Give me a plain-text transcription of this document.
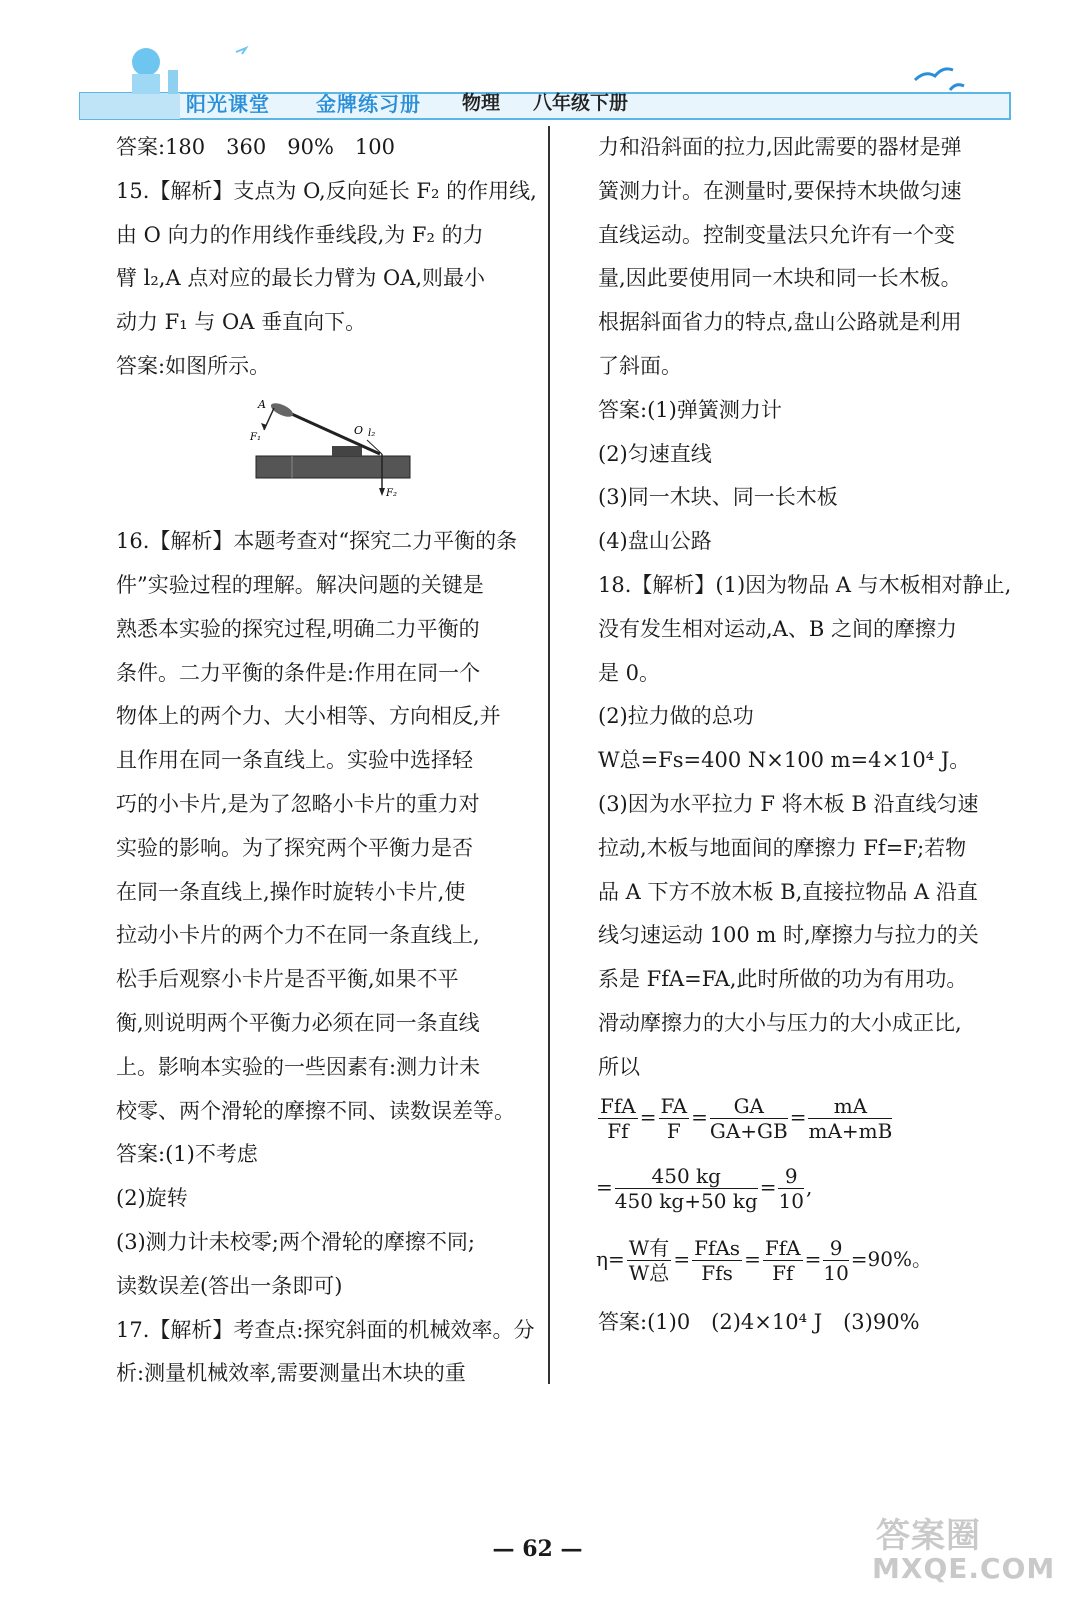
阳光课堂 金牌练习册 物理 八年级下册
答案:180　360　90%　100
15.【解析】支点为 O,反向延长 F₂ 的作用线,
由 O 向力的作用线作垂线段,为 F₂ 的力
臂 l₂,A 点对应的最长力臂为 OA,则最小
动力 F₁ 与 OA 垂直向下。
答案:如图所示。
16.【解析】本题考查对“探究二力平衡的条
件”实验过程的理解。解决问题的关键是
熟悉本实验的探究过程,明确二力平衡的
条件。二力平衡的条件是:作用在同一个
物体上的两个力、大小相等、方向相反,并
且作用在同一条直线上。实验中选择轻
巧的小卡片,是为了忽略小卡片的重力对
实验的影响。为了探究两个平衡力是否
在同一条直线上,操作时旋转小卡片,使
拉动小卡片的两个力不在同一条直线上,
松手后观察小卡片是否平衡,如果不平
衡,则说明两个平衡力必须在同一条直线
上。影响本实验的一些因素有:测力计未
校零、两个滑轮的摩擦不同、读数误差等。
答案:(1)不考虑
(2)旋转
(3)测力计未校零;两个滑轮的摩擦不同;
读数误差(答出一条即可)
17.【解析】考查点:探究斜面的机械效率。分
析:测量机械效率,需要测量出木块的重
A
F₁
O l₂
F₂
力和沿斜面的拉力,因此需要的器材是弹
簧测力计。在测量时,要保持木块做匀速
直线运动。控制变量法只允许有一个变
量,因此要使用同一木块和同一长木板。
根据斜面省力的特点,盘山公路就是利用
了斜面。
答案:(1)弹簧测力计
(2)匀速直线
(3)同一木块、同一长木板
(4)盘山公路
18.【解析】(1)因为物品 A 与木板相对静止,
没有发生相对运动,A、B 之间的摩擦力
是 0。
(2)拉力做的总功
W总=Fs=400 N×100 m=4×10⁴ J。
(3)因为水平拉力 F 将木板 B 沿直线匀速
拉动,木板与地面间的摩擦力 Ff=F;若物
品 A 下方不放木板 B,直接拉物品 A 沿直
线匀速运动 100 m 时,摩擦力与拉力的关
系是 FfA=FA,此时所做的功为有用功。
滑动摩擦力的大小与压力的大小成正比,
所以
$\frac{\text{FfA}}{Ff} = \frac{FA}{F} = \frac{GA}{GA+GB} = \frac{mA}{mA+mB}$
= $\frac{450 kg}{450 kg+50 kg} = \frac{9}{10}$ ,
$\eta= \frac{\text{W有}}{\text{W总}} = \frac{\text{FfAs}}{\text{Ffs}} = \frac{\text{FfA}}{Ff} = \frac{9}{10} =90\%$。
答案:(1)0　(2)4×10⁴ J　(3)90%
— 62 —	答案圈
MXQE.COM
